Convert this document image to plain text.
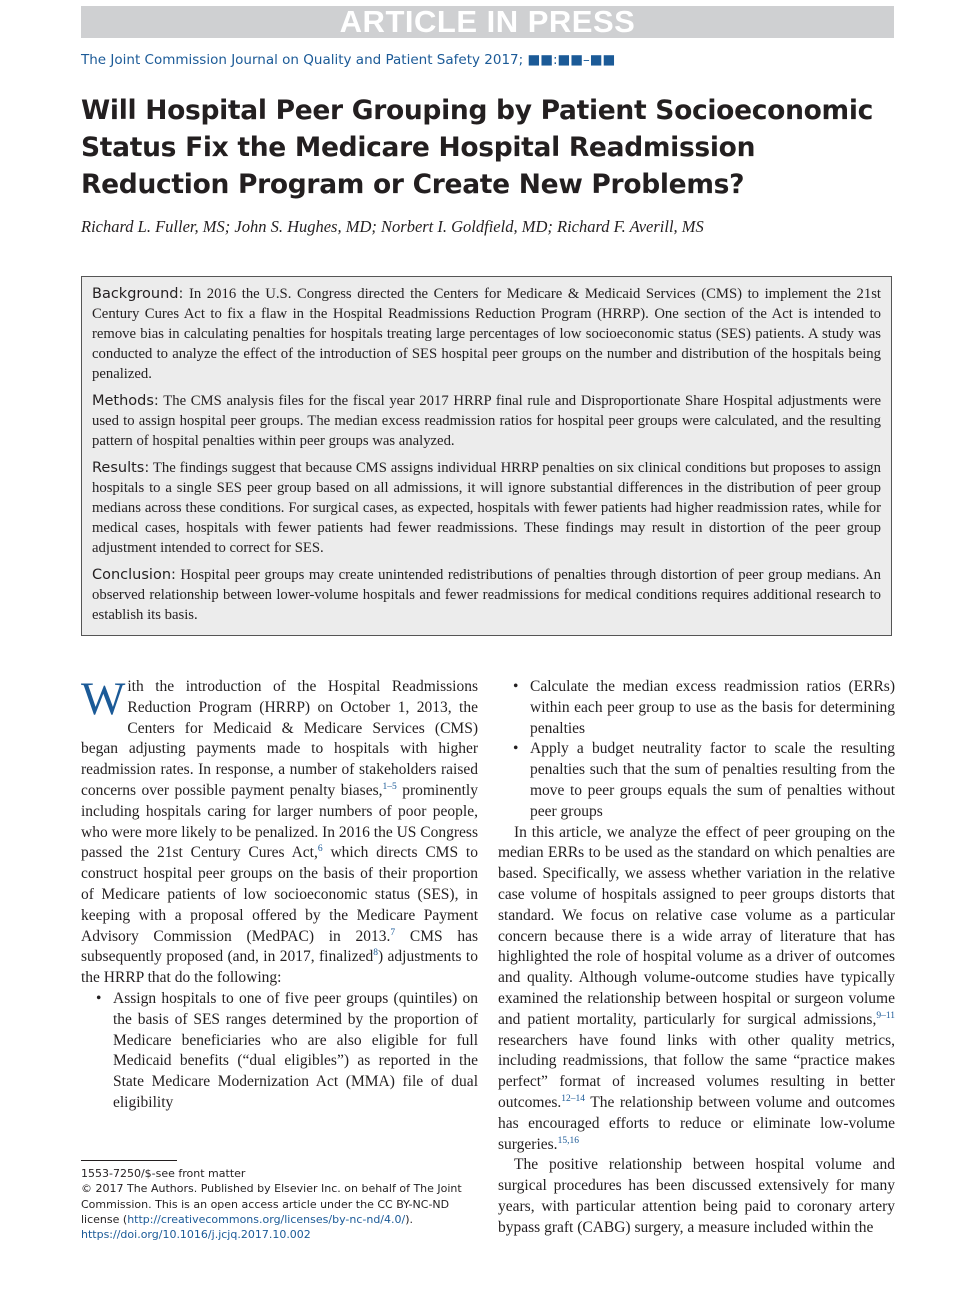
ARTICLE IN PRESS
The Joint Commission Journal on Quality and Patient Safety 2017; ■■:■■–■■
Will Hospital Peer Grouping by Patient Socioeconomic Status Fix the Medicare Hospital Readmission Reduction Program or Create New Problems?
Richard L. Fuller, MS; John S. Hughes, MD; Norbert I. Goldfield, MD; Richard F. Averill, MS

Background: In 2016 the U.S. Congress directed the Centers for Medicare & Medicaid Services (CMS) to implement the 21st Century Cures Act to fix a flaw in the Hospital Readmissions Reduction Program (HRRP). One section of the Act is intended to remove bias in calculating penalties for hospitals treating large percentages of low socioeconomic status (SES) patients. A study was conducted to analyze the effect of the introduction of SES hospital peer groups on the number and distribution of the hospitals being penalized.

Methods: The CMS analysis files for the fiscal year 2017 HRRP final rule and Disproportionate Share Hospital adjustments were used to assign hospital peer groups. The median excess readmission ratios for hospital peer groups were calculated, and the resulting pattern of hospital penalties within peer groups was analyzed.

Results: The findings suggest that because CMS assigns individual HRRP penalties on six clinical conditions but proposes to assign hospitals to a single SES peer group based on all admissions, it will ignore substantial differences in the distribution of peer group medians across these conditions. For surgical cases, as expected, hospitals with fewer patients had higher readmission rates, while for medical cases, hospitals with fewer patients had fewer readmissions. These findings may result in distortion of the peer group adjustment intended to correct for SES.

Conclusion: Hospital peer groups may create unintended redistributions of penalties through distortion of peer group medians. An observed relationship between lower-volume hospitals and fewer readmissions for medical conditions requires additional research to establish its basis.

With the introduction of the Hospital Readmissions Reduction Program (HRRP) on October 1, 2013, the Centers for Medicaid & Medicare Services (CMS) began adjusting payments made to hospitals with higher readmission rates. In response, a number of stakeholders raised concerns over possible payment penalty biases,$^{1-5}$ prominently including hospitals caring for larger numbers of poor people, who were more likely to be penalized. In 2016 the US Congress passed the 21st Century Cures Act,$^6$ which directs CMS to construct hospital peer groups on the basis of their proportion of Medicare patients of low socioeconomic status (SES), in keeping with a proposal offered by the Medicare Payment Advisory Commission (MedPAC) in 2013.$^7$ CMS has subsequently proposed (and, in 2017, finalized$^8$) adjustments to the HRRP that do the following:

• Assign hospitals to one of five peer groups (quintiles) on the basis of SES ranges determined by the proportion of Medicare beneficiaries who are also eligible for full Medicaid benefits (“dual eligibles”) as reported in the State Medicare Modernization Act (MMA) file of dual eligibility
• Calculate the median excess readmission ratios (ERRs) within each peer group to use as the basis for determining penalties
• Apply a budget neutrality factor to scale the resulting penalties such that the sum of penalties resulting from the move to peer groups equals the sum of penalties without peer groups

In this article, we analyze the effect of peer grouping on the median ERRs to be used as the standard on which penalties are based. Specifically, we assess whether variation in the relative case volume of hospitals assigned to peer groups distorts that standard. We focus on relative case volume as a particular concern because there is a wide array of literature that has highlighted the role of hospital volume as a driver of outcomes and quality. Although volume-outcome studies have typically examined the relationship between hospital or surgeon volume and patient mortality, particularly for surgical admissions,$^{9-11}$ researchers have found links with other quality metrics, including readmissions, that follow the same “practice makes perfect” format of increased volumes resulting in better outcomes.$^{12-14}$ The relationship between volume and outcomes has encouraged efforts to reduce or eliminate low-volume surgeries.$^{15,16}$

The positive relationship between hospital volume and surgical procedures has been discussed extensively for many years, with particular attention being paid to coronary artery bypass graft (CABG) surgery, a measure included within the

1553-7250/$-see front matter
© 2017 The Authors. Published by Elsevier Inc. on behalf of The Joint Commission. This is an open access article under the CC BY-NC-ND license (http://creativecommons.org/licenses/by-nc-nd/4.0/).
https://doi.org/10.1016/j.jcjq.2017.10.002
